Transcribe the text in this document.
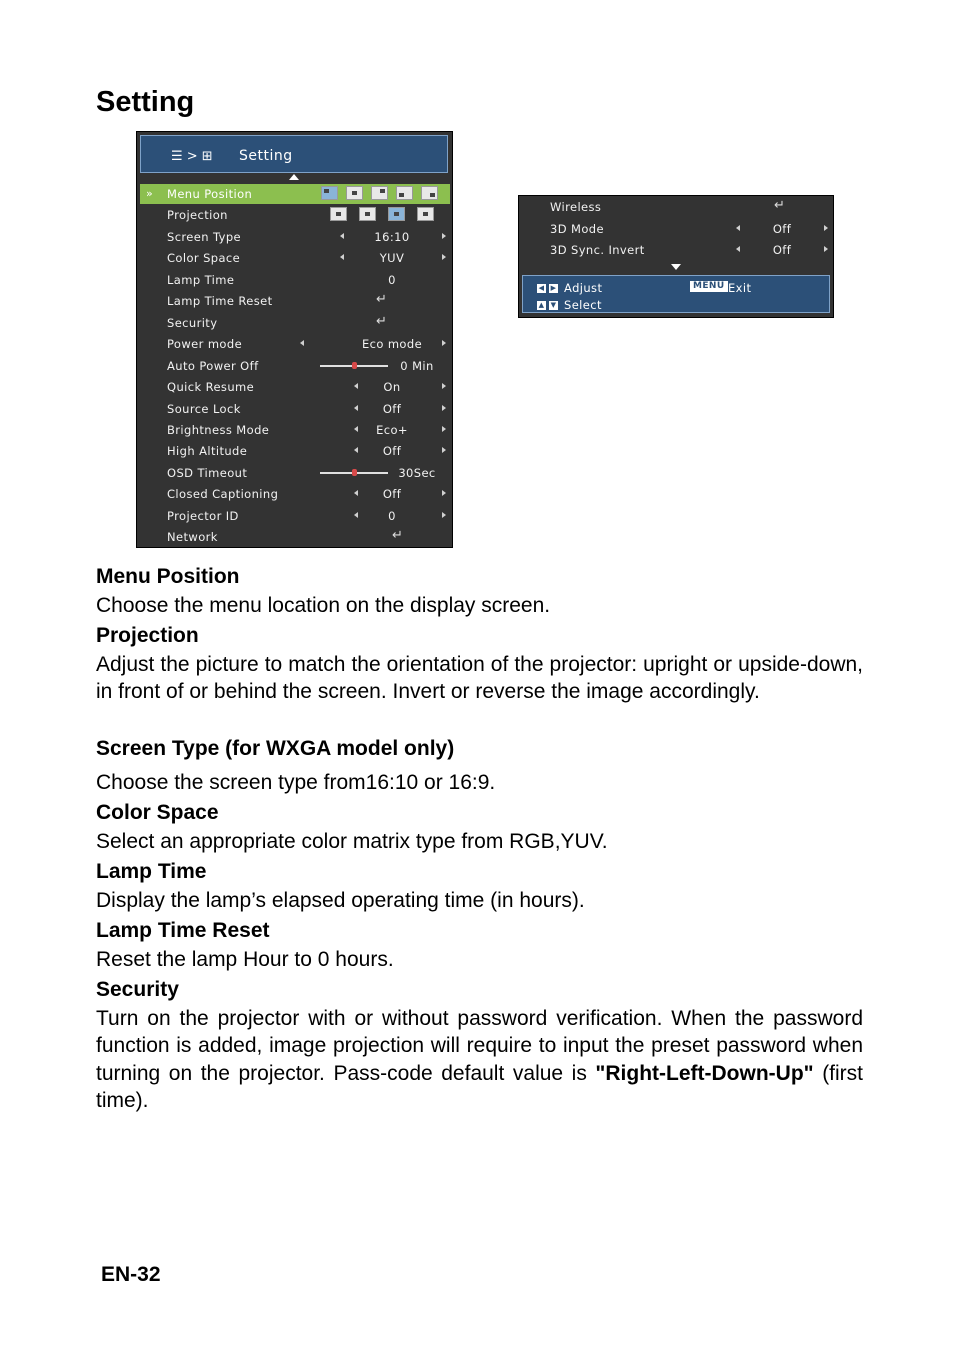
Setting
☰ > ⊞ Setting
» Menu Position
Projection
Screen Type	16:10
Color Space	YUV
Lamp Time	0
Lamp Time Reset	↵
Security	↵
Power mode	Eco mode
Auto Power Off	0 Min
Quick Resume	On
Source Lock	Off
Brightness Mode	Eco+
High Altitude	Off
OSD Timeout	30Sec
Closed Captioning	Off
Projector ID	0
Network	↵
Wireless	↵
3D Mode	Off
3D Sync. Invert	Off
◀ ▶ Adjust	MENU Exit
▲ ▼ Select
Menu Position

Choose the menu location on the display screen.

Projection

Adjust the picture to match the orientation of the projector: upright or upside-down, in front of or behind the screen. Invert or reverse the image accordingly.

Screen Type (for WXGA model only)

Choose the screen type from16:10 or 16:9.

Color Space

Select an appropriate color matrix type from RGB,YUV.

Lamp Time

Display the lamp’s elapsed operating time (in hours).

Lamp Time Reset

Reset the lamp Hour to 0 hours.

Security

Turn on the projector with or without password verification. When the password function is added, image projection will require to input the preset password when turning on the projector. Pass-code default value is "Right-Left-Down-Up" (first time).

EN-32
